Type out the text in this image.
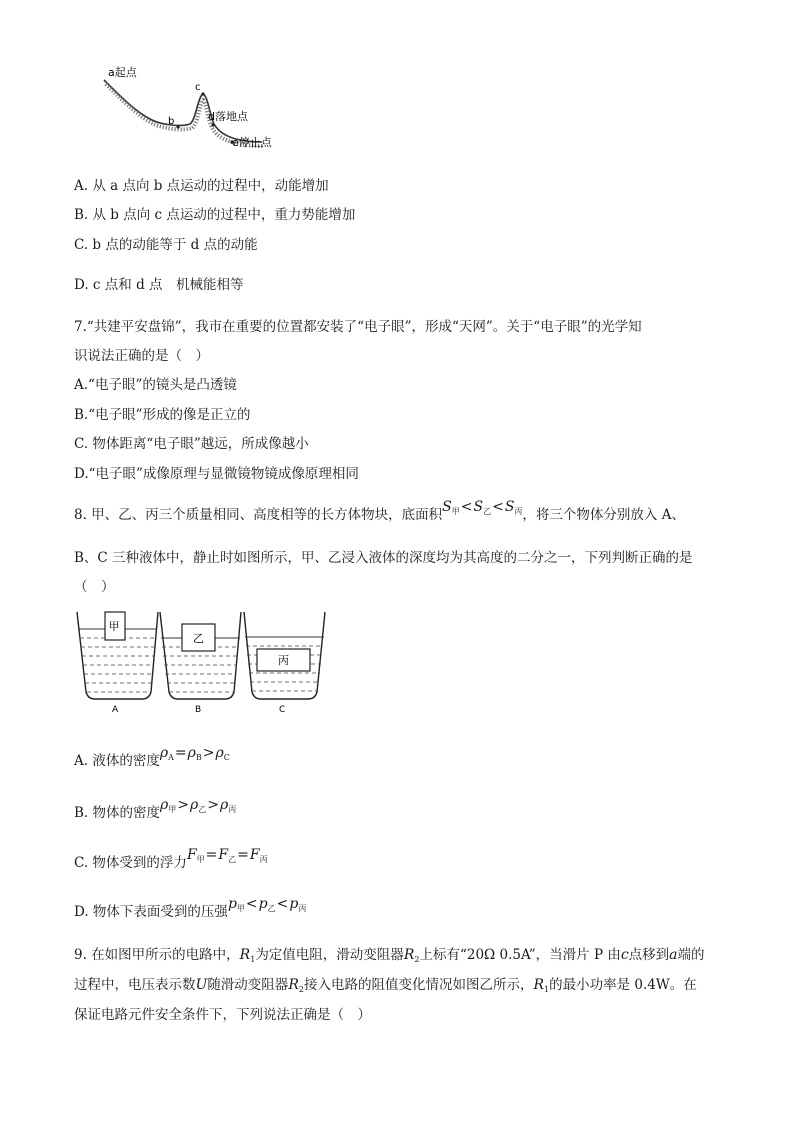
a起点
b
c
d落地点
e停止点
A. 从 a 点向 b 点运动的过程中，动能增加
B. 从 b 点向 c 点运动的过程中，重力势能增加
C. b 点的动能等于 d 点的动能
D. c 点和 d 点　机械能相等
7.“共建平安盘锦”，我市在重要的位置都安装了“电子眼”，形成“天网”。关于“电子眼”的光学知
识说法正确的是（　）
A.“电子眼”的镜头是凸透镜
B.“电子眼”形成的像是正立的
C. 物体距离“电子眼”越远，所成像越小
D.“电子眼”成像原理与显微镜物镜成像原理相同
8. 甲、乙、丙三个质量相同、高度相等的长方体物块，底面积$S_甲<S_乙<S_丙$，将三个物体分别放入 A、
B、C 三种液体中，静止时如图所示，甲、乙浸入液体的深度均为其高度的二分之一，下列判断正确的是
（　）
甲
A
乙
B
丙
C
A. 液体的密度$\rho_A=\rho_B>\rho_C$
B. 物体的密度$\rho_甲>\rho_乙>\rho_丙$
C. 物体受到的浮力$F_甲=F_乙=F_丙$
D. 物体下表面受到的压强$p_甲<p_乙<p_丙$
9. 在如图甲所示的电路中，$R_1$为定值电阻，滑动变阻器$R_2$上标有“20Ω 0.5A”，当滑片 P 由c点移到a端的
过程中，电压表示数U随滑动变阻器$R_2$接入电路的阻值变化情况如图乙所示，$R_1$的最小功率是 0.4W。在
保证电路元件安全条件下，下列说法正确是（　）
